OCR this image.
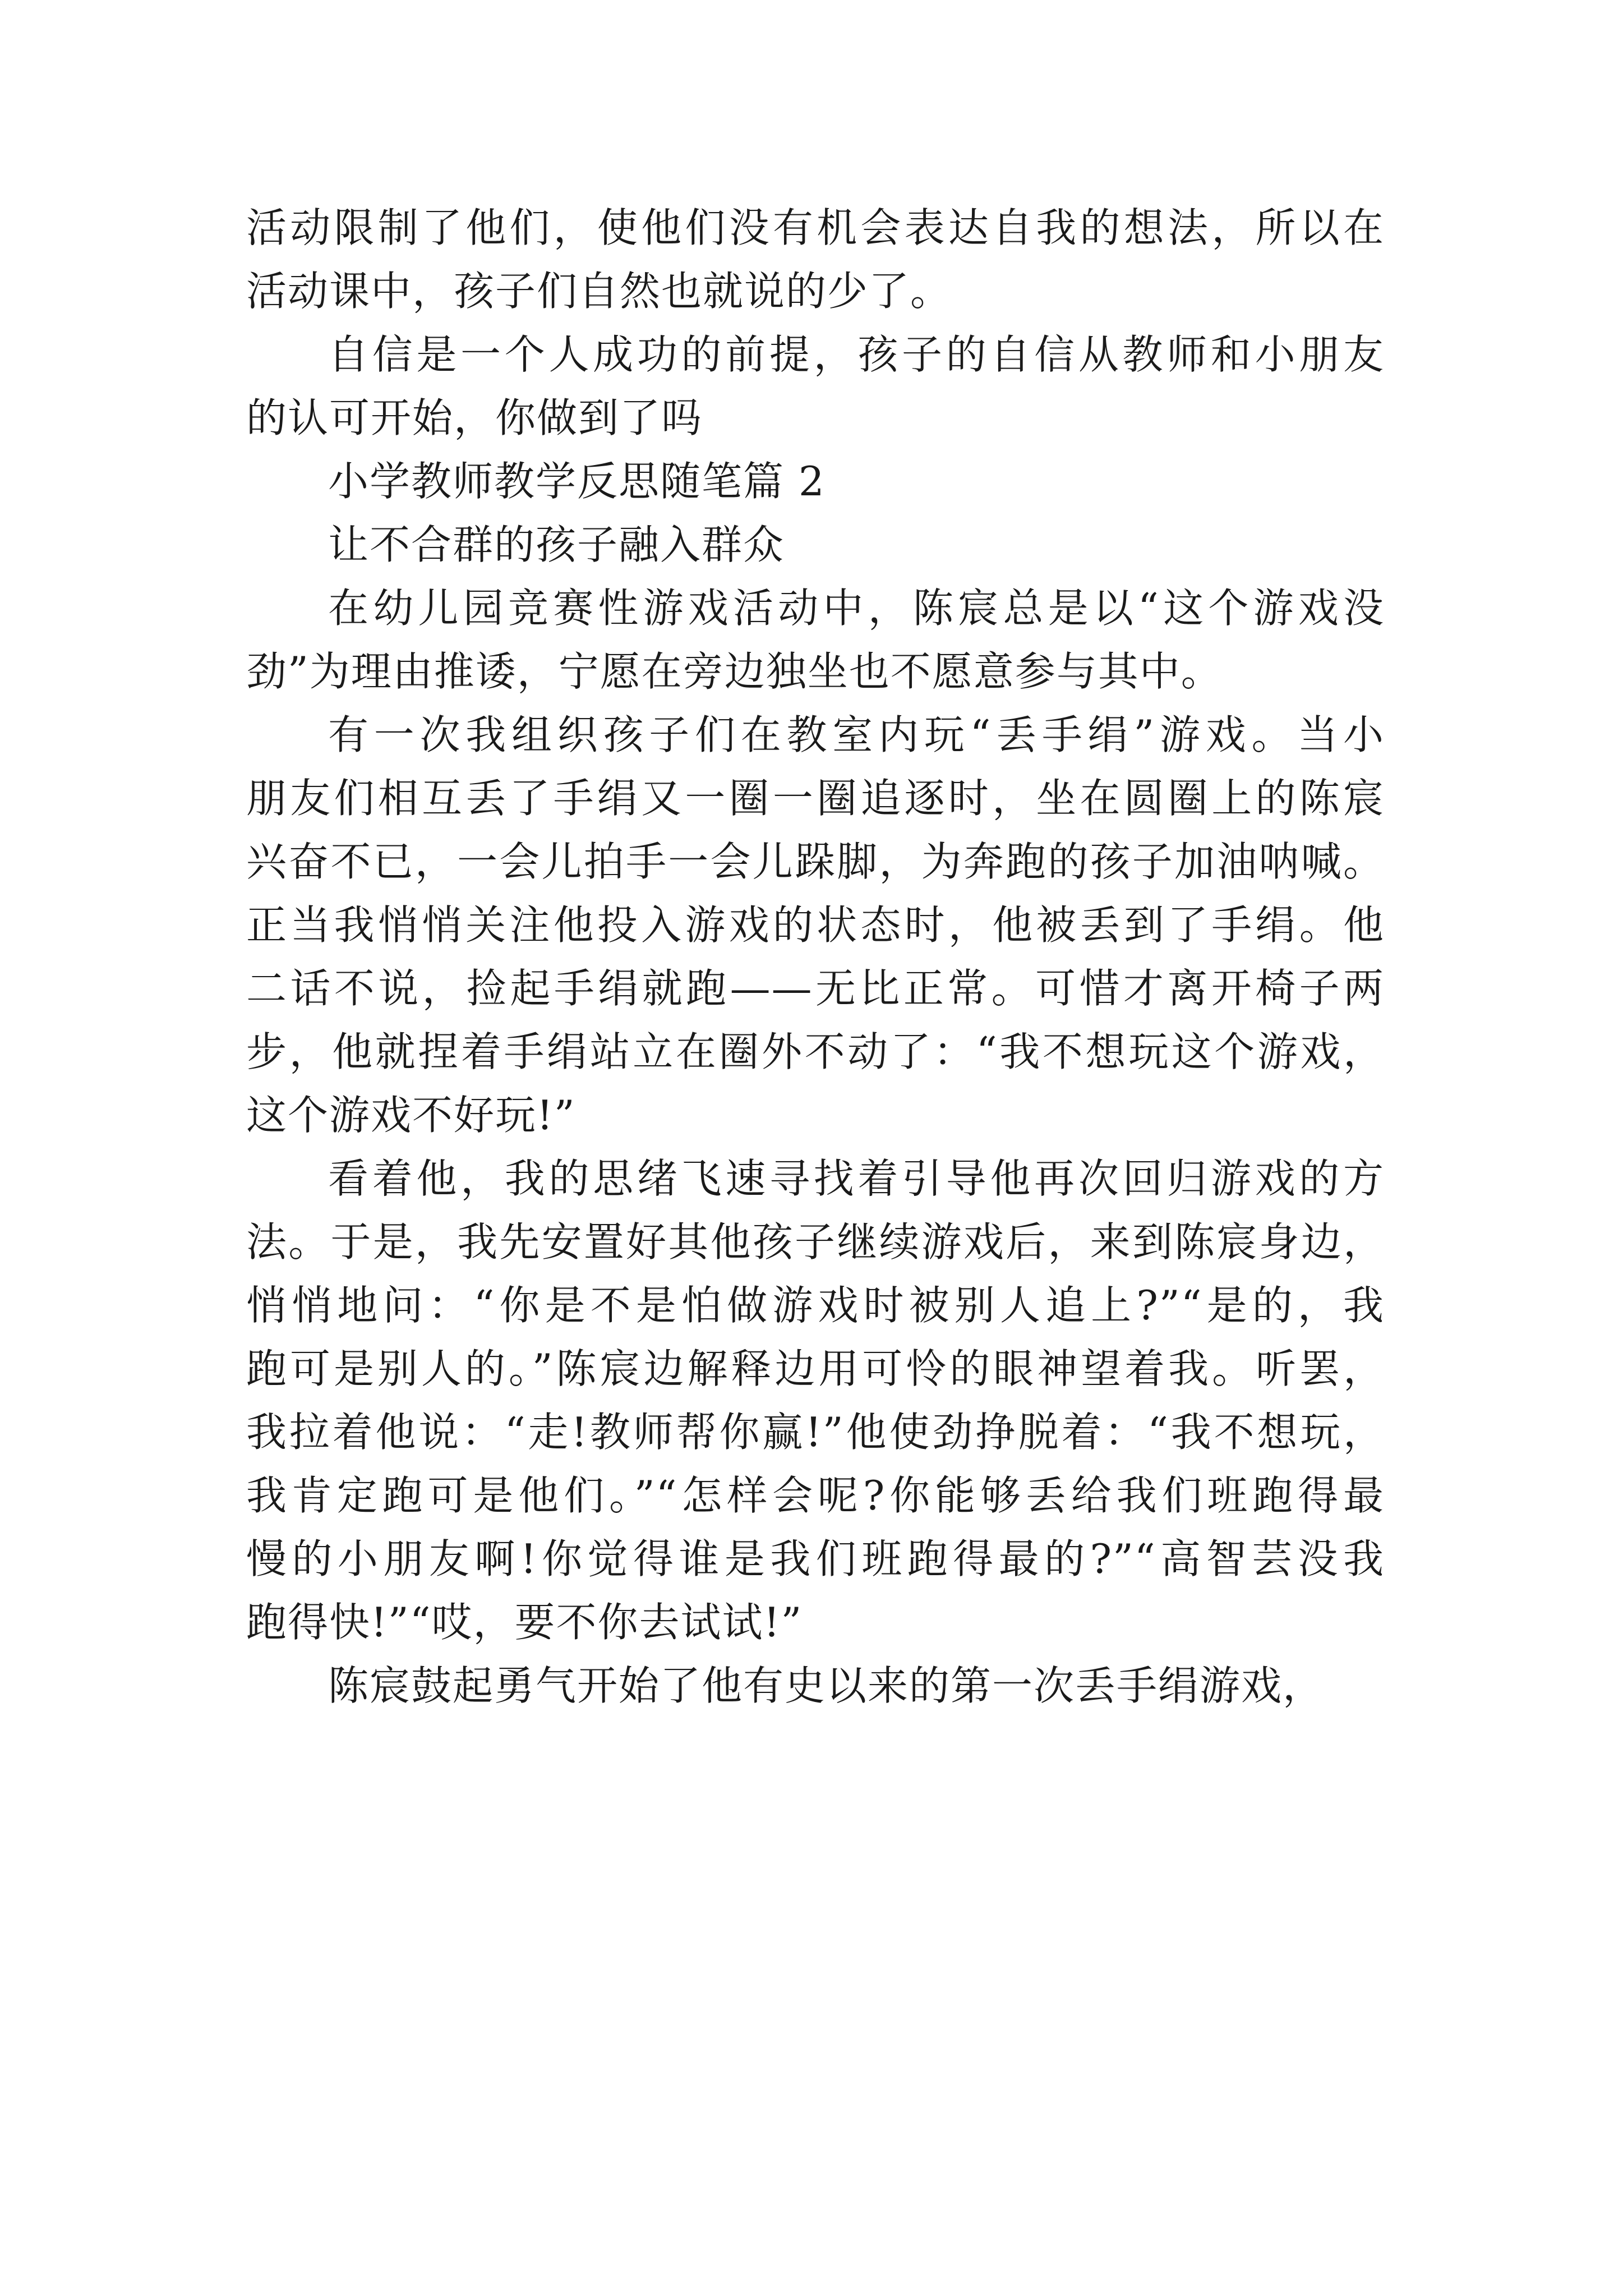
活动限制了他们，使他们没有机会表达自我的想法，所以在
活动课中，孩子们自然也就说的少了。

自信是一个人成功的前提，孩子的自信从教师和小朋友
的认可开始，你做到了吗

小学教师教学反思随笔篇 2

让不合群的孩子融入群众

在幼儿园竞赛性游戏活动中，陈宸总是以“这个游戏没
劲”为理由推诿，宁愿在旁边独坐也不愿意参与其中。

有一次我组织孩子们在教室内玩“丢手绢”游戏。当小
朋友们相互丢了手绢又一圈一圈追逐时，坐在圆圈上的陈宸
兴奋不已，一会儿拍手一会儿跺脚，为奔跑的孩子加油呐喊。
正当我悄悄关注他投入游戏的状态时，他被丢到了手绢。他
二话不说，捡起手绢就跑——无比正常。可惜才离开椅子两
步，他就捏着手绢站立在圈外不动了：“我不想玩这个游戏，
这个游戏不好玩!”

看着他，我的思绪飞速寻找着引导他再次回归游戏的方
法。于是，我先安置好其他孩子继续游戏后，来到陈宸身边，
悄悄地问：“你是不是怕做游戏时被别人追上?”“是的，我
跑可是别人的。”陈宸边解释边用可怜的眼神望着我。听罢，
我拉着他说：“走!教师帮你赢!”他使劲挣脱着：“我不想玩，
我肯定跑可是他们。”“怎样会呢?你能够丢给我们班跑得最
慢的小朋友啊!你觉得谁是我们班跑得最的?”“高智芸没我
跑得快!”“哎，要不你去试试!”

陈宸鼓起勇气开始了他有史以来的第一次丢手绢游戏，
